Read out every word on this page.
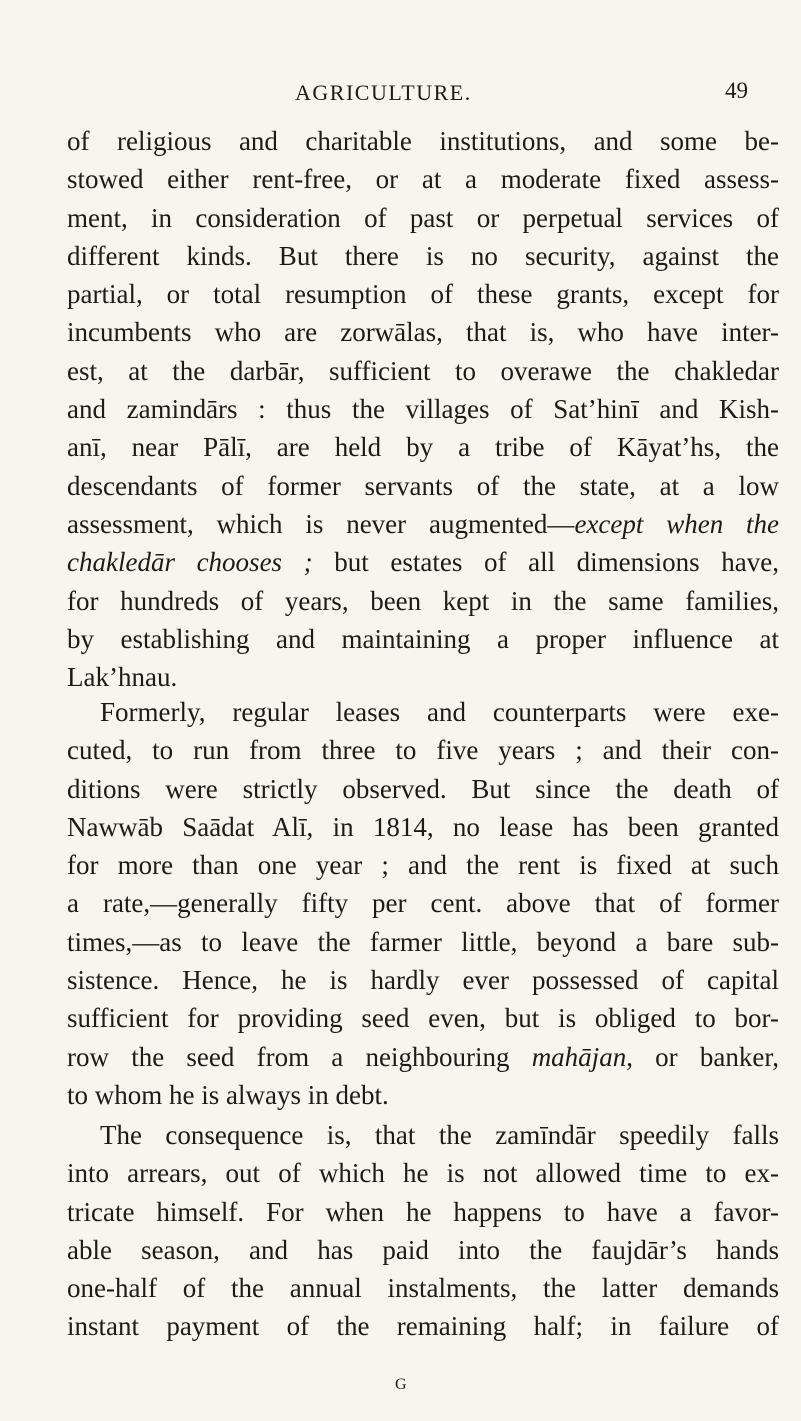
AGRICULTURE.	49
of religious and charitable institutions, and some be-
stowed either rent-free, or at a moderate fixed assess-
ment, in consideration of past or perpetual services of
different kinds. But there is no security, against the
partial, or total resumption of these grants, except for
incumbents who are zorwālas, that is, who have inter-
est, at the darbār, sufficient to overawe the chakledar
and zamindārs : thus the villages of Sat’hinī and Kish-
anī, near Pālī, are held by a tribe of Kāyat’hs, the
descendants of former servants of the state, at a low
assessment, which is never augmented—except when the
chakledār chooses ; but estates of all dimensions have,
for hundreds of years, been kept in the same families,
by establishing and maintaining a proper influence at
Lak’hnau.
Formerly, regular leases and counterparts were exe-
cuted, to run from three to five years ; and their con-
ditions were strictly observed. But since the death of
Nawwāb Saādat Alī, in 1814, no lease has been granted
for more than one year ; and the rent is fixed at such
a rate,—generally fifty per cent. above that of former
times,—as to leave the farmer little, beyond a bare sub-
sistence. Hence, he is hardly ever possessed of capital
sufficient for providing seed even, but is obliged to bor-
row the seed from a neighbouring mahājan, or banker,
to whom he is always in debt.
The consequence is, that the zamīndār speedily falls
into arrears, out of which he is not allowed time to ex-
tricate himself. For when he happens to have a favor-
able season, and has paid into the faujdār’s hands
one-half of the annual instalments, the latter demands
instant payment of the remaining half; in failure of
G
